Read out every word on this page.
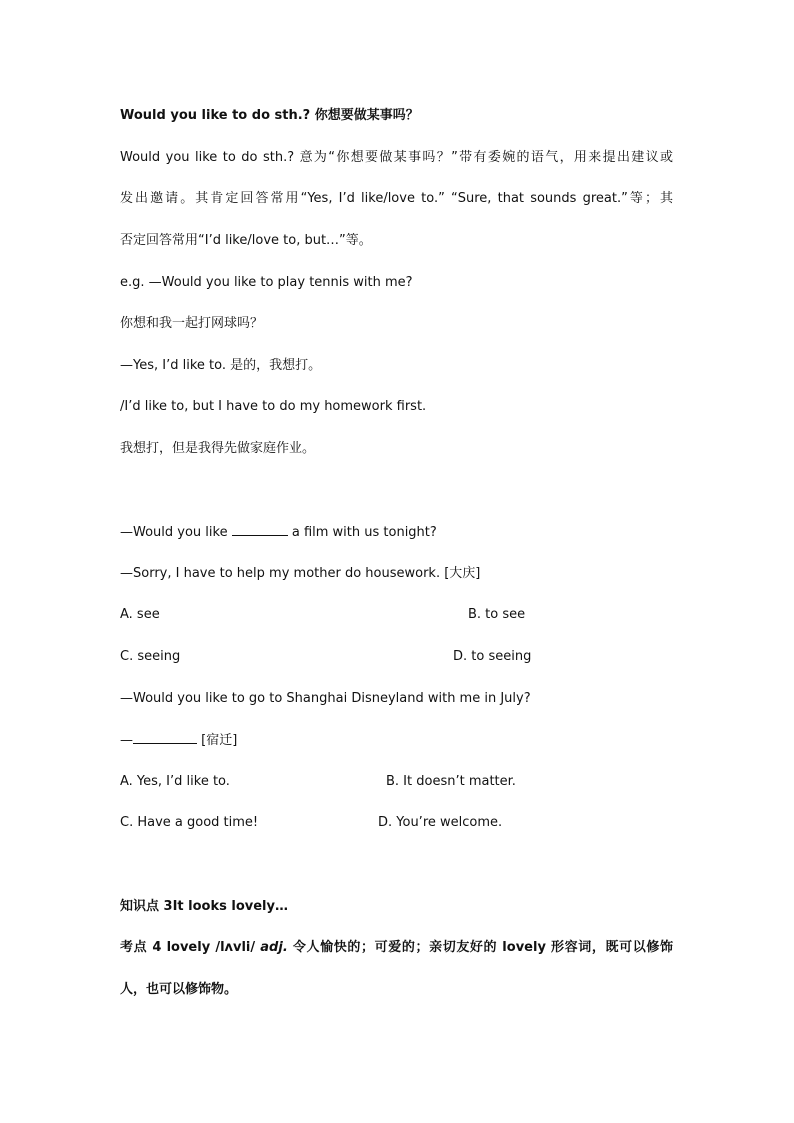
Would you like to do sth.? 你想要做某事吗？
Would you like to do sth.? 意为“你想要做某事吗？”带有委婉的语气，用来提出建议或
发出邀请。其肯定回答常用“Yes, I’d like/love to.” “Sure, that sounds great.”等；其
否定回答常用“I’d like/love to, but…”等。
e.g. —Would you like to play tennis with me?
你想和我一起打网球吗？
—Yes, I’d like to. 是的，我想打。
/I’d like to, but I have to do my homework first.
我想打，但是我得先做家庭作业。
—Would you like	a film with us tonight?
—Sorry, I have to help my mother do housework. [大庆]
A. see	B. to see
C. seeing	D. to seeing
—Would you like to go to Shanghai Disneyland with me in July?
—	[宿迁]
A. Yes, I’d like to.	B. It doesn’t matter.
C. Have a good time!	D. You’re welcome.
知识点 3It looks lovely…
考点 4 lovely /lʌvli/ adj. 令人愉快的；可爱的；亲切友好的 lovely 形容词，既可以修饰
人，也可以修饰物。
